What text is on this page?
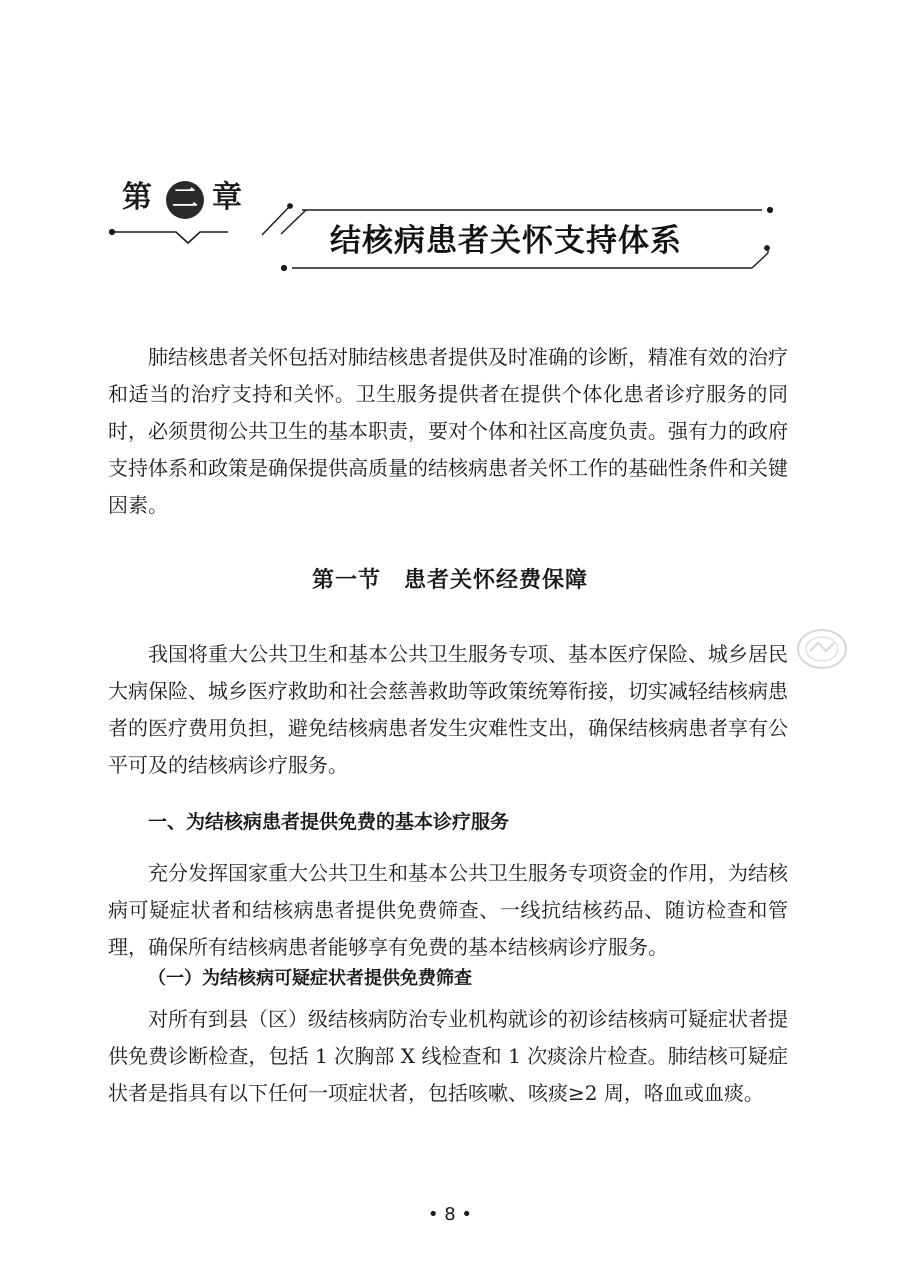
第 二 章
结核病患者关怀支持体系

肺结核患者关怀包括对肺结核患者提供及时准确的诊断，精准有效的治疗和适当的治疗支持和关怀。卫生服务提供者在提供个体化患者诊疗服务的同时，必须贯彻公共卫生的基本职责，要对个体和社区高度负责。强有力的政府支持体系和政策是确保提供高质量的结核病患者关怀工作的基础性条件和关键因素。

第一节　患者关怀经费保障

我国将重大公共卫生和基本公共卫生服务专项、基本医疗保险、城乡居民大病保险、城乡医疗救助和社会慈善救助等政策统筹衔接，切实减轻结核病患者的医疗费用负担，避免结核病患者发生灾难性支出，确保结核病患者享有公平可及的结核病诊疗服务。

一、为结核病患者提供免费的基本诊疗服务

充分发挥国家重大公共卫生和基本公共卫生服务专项资金的作用，为结核病可疑症状者和结核病患者提供免费筛查、一线抗结核药品、随访检查和管理，确保所有结核病患者能够享有免费的基本结核病诊疗服务。

（一）为结核病可疑症状者提供免费筛查

对所有到县（区）级结核病防治专业机构就诊的初诊结核病可疑症状者提供免费诊断检查，包括 1 次胸部 X 线检查和 1 次痰涂片检查。肺结核可疑症状者是指具有以下任何一项症状者，包括咳嗽、咳痰≥2 周，咯血或血痰。

• 8 •
